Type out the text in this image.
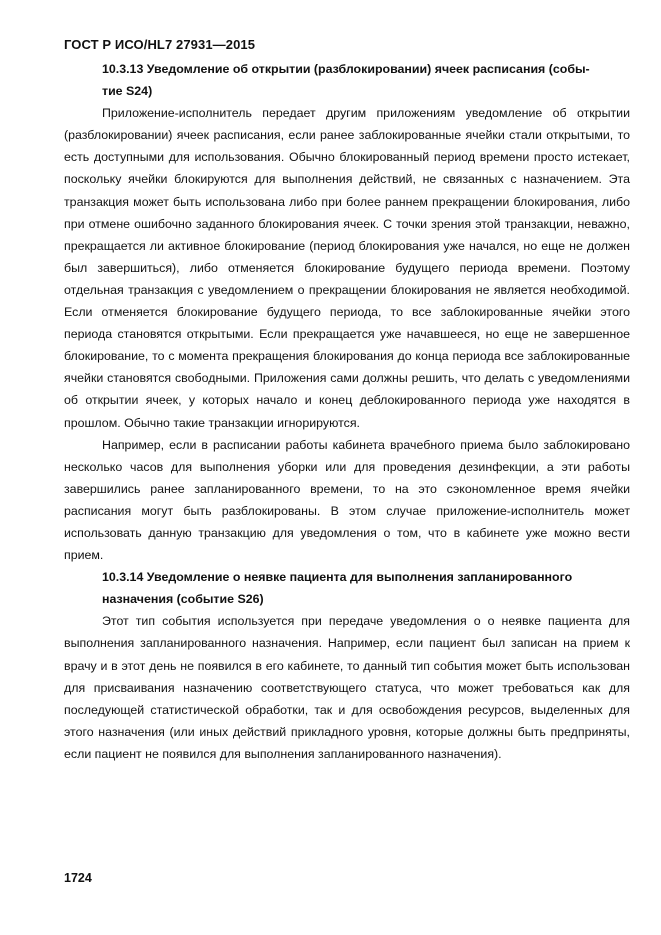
ГОСТ Р ИСО/HL7 27931—2015
10.3.13 Уведомление об открытии (разблокировании) ячеек расписания (собы-
тие S24)

Приложение-исполнитель передает другим приложениям уведомление об открытии (разблокировании) ячеек расписания, если ранее заблокированные ячейки стали открытыми, то есть доступными для использования. Обычно блокированный период времени просто истекает, поскольку ячейки блокируются для выполнения действий, не связанных с назначением. Эта транзакция может быть использована либо при более раннем прекращении блокирования, либо при отмене ошибочно заданного блокирования ячеек. С точки зрения этой транзакции, неважно, прекращается ли активное блокирование (период блокирования уже начался, но еще не должен был завершиться), либо отменяется блокирование будущего периода времени. Поэтому отдельная транзакция с уведомлением о прекращении блокирования не является необходимой. Если отменяется блокирование будущего периода, то все заблокированные ячейки этого периода становятся открытыми. Если прекращается уже начавшееся, но еще не завершенное блокирование, то с момента прекращения блокирования до конца периода все заблокированные ячейки становятся свободными. Приложения сами должны решить, что делать с уведомлениями об открытии ячеек, у которых начало и конец деблокированного периода уже находятся в прошлом. Обычно такие транзакции игнорируются.

Например, если в расписании работы кабинета врачебного приема было заблокировано несколько часов для выполнения уборки или для проведения дезинфекции, а эти работы завершились ранее запланированного времени, то на это сэкономленное время ячейки расписания могут быть разблокированы. В этом случае приложение-исполнитель может использовать данную транзакцию для уведомления о том, что в кабинете уже можно вести прием.

10.3.14 Уведомление о неявке пациента для выполнения запланированного
назначения (событие S26)

Этот тип события используется при передаче уведомления о о неявке пациента для выполнения запланированного назначения. Например, если пациент был записан на прием к врачу и в этот день не появился в его кабинете, то данный тип события может быть использован для присваивания назначению соответствующего статуса, что может требоваться как для последующей статистической обработки, так и для освобождения ресурсов, выделенных для этого назначения (или иных действий прикладного уровня, которые должны быть предприняты, если пациент не появился для выполнения запланированного назначения).

1724
